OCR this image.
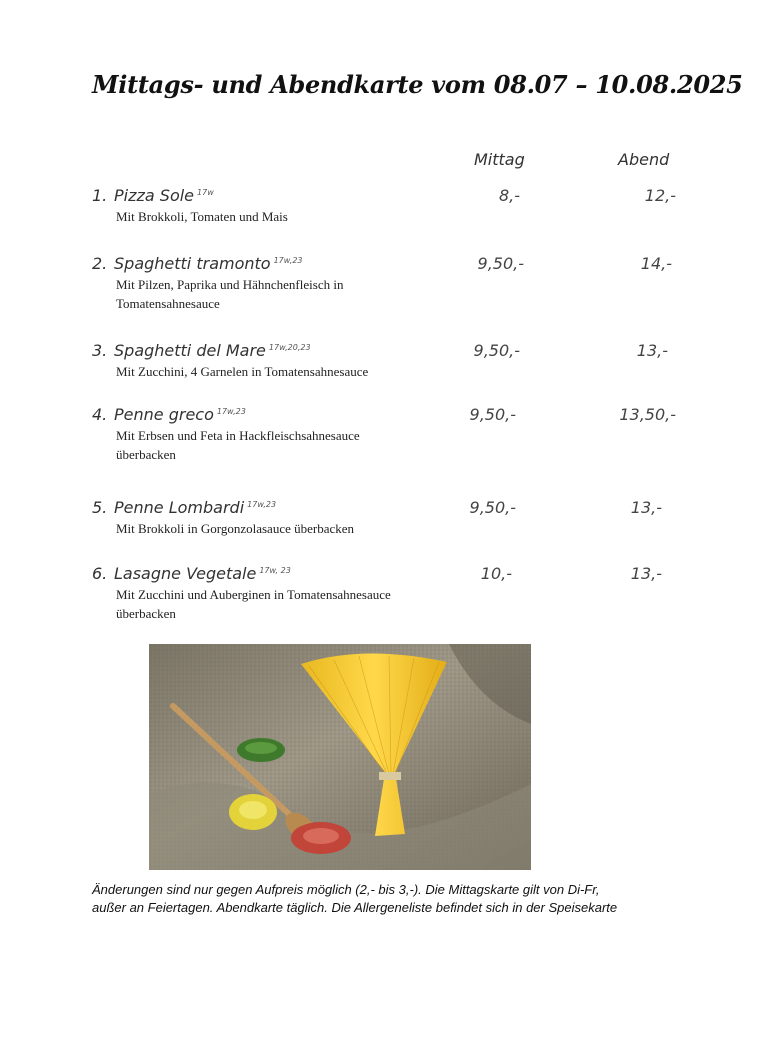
Mittags- und Abendkarte vom 08.07 – 10.08.2025
Mittag	Abend
1. Pizza Sole $^{17w}$
Mit Brokkoli, Tomaten und Mais
8,-	12,-
2. Spaghetti tramonto $^{17w,23}$
Mit Pilzen, Paprika und Hähnchenfleisch in
Tomatensahnesauce
9,50,-	14,-
3. Spaghetti del Mare $^{17w,20,23}$
Mit Zucchini, 4 Garnelen in Tomatensahnesauce
9,50,-	13,-
4. Penne greco $^{17w,23}$
Mit Erbsen und Feta in Hackfleischsahnesauce
überbacken
9,50,-	13,50,-
5. Penne Lombardi $^{17w,23}$
Mit Brokkoli in Gorgonzolasauce überbacken
9,50,-	13,-
6. Lasagne Vegetale $^{17w, 23}$
Mit Zucchini und Auberginen in Tomatensahnesauce
überbacken
10,-	13,-
Änderungen sind nur gegen Aufpreis möglich (2,- bis 3,-). Die Mittagskarte gilt von Di-Fr,
außer an Feiertagen. Abendkarte täglich. Die Allergeneliste befindet sich in der Speisekarte
